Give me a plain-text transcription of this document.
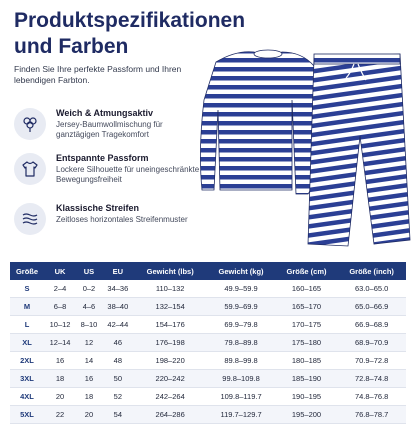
Produktspezifikationen und Farben

Finden Sie Ihre perfekte Passform und Ihren lebendigen Farbton.

Weich & Atmungsaktiv
Jersey-Baumwollmischung für ganztägigen Tragekomfort
Entspannte Passform
Lockere Silhouette für uneingeschränkte Bewegungsfreiheit
Klassische Streifen
Zeitloses horizontales Streifenmuster
Größe	UK	US	EU	Gewicht (lbs)	Gewicht (kg)	Größe (cm)	Größe (inch)
S	2–4	0–2	34–36	110–132	49.9–59.9	160–165	63.0–65.0
M	6–8	4–6	38–40	132–154	59.9–69.9	165–170	65.0–66.9
L	10–12	8–10	42–44	154–176	69.9–79.8	170–175	66.9–68.9
XL	12–14	12	46	176–198	79.8–89.8	175–180	68.9–70.9
2XL	16	14	48	198–220	89.8–99.8	180–185	70.9–72.8
3XL	18	16	50	220–242	99.8–109.8	185–190	72.8–74.8
4XL	20	18	52	242–264	109.8–119.7	190–195	74.8–76.8
5XL	22	20	54	264–286	119.7–129.7	195–200	76.8–78.7
